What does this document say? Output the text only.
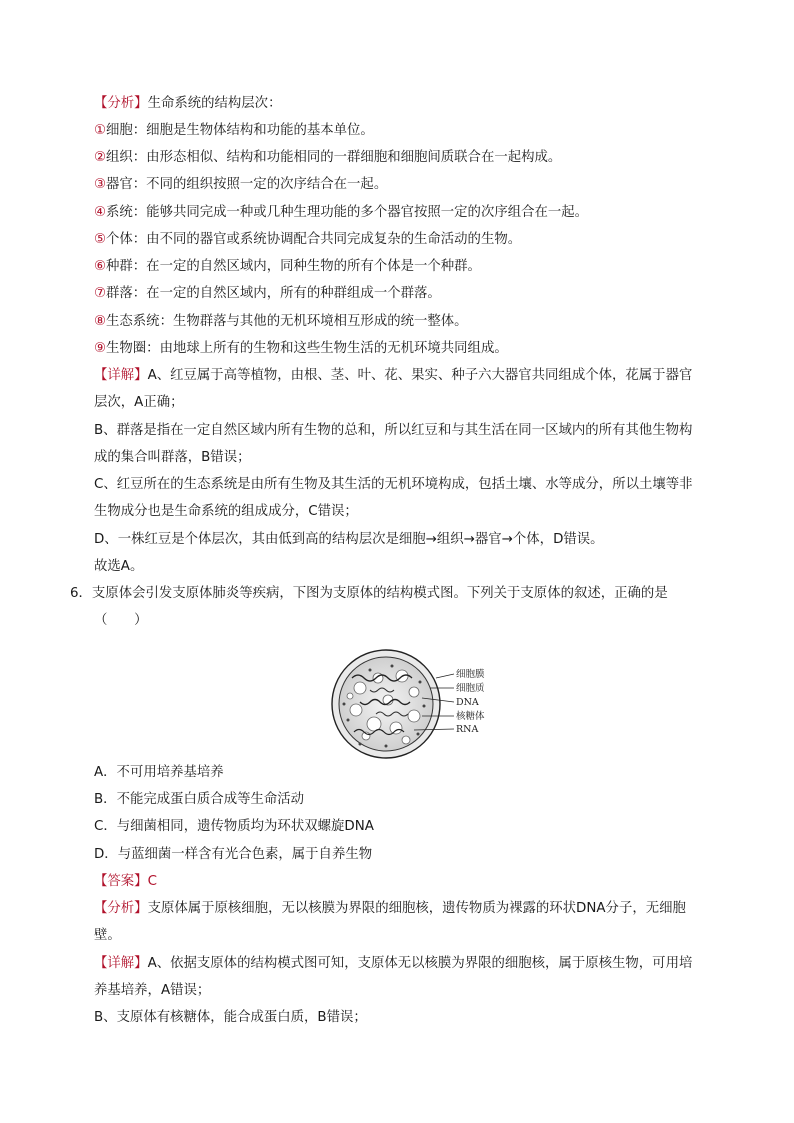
【分析】生命系统的结构层次：
①细胞：细胞是生物体结构和功能的基本单位。
②组织：由形态相似、结构和功能相同的一群细胞和细胞间质联合在一起构成。
③器官：不同的组织按照一定的次序结合在一起。
④系统：能够共同完成一种或几种生理功能的多个器官按照一定的次序组合在一起。
⑤个体：由不同的器官或系统协调配合共同完成复杂的生命活动的生物。
⑥种群：在一定的自然区域内，同种生物的所有个体是一个种群。
⑦群落：在一定的自然区域内，所有的种群组成一个群落。
⑧生态系统：生物群落与其他的无机环境相互形成的统一整体。
⑨生物圈：由地球上所有的生物和这些生物生活的无机环境共同组成。
【详解】A、红豆属于高等植物，由根、茎、叶、花、果实、种子六大器官共同组成个体，花属于器官
层次，A正确；
B、群落是指在一定自然区域内所有生物的总和，所以红豆和与其生活在同一区域内的所有其他生物构
成的集合叫群落，B错误；
C、红豆所在的生态系统是由所有生物及其生活的无机环境构成，包括土壤、水等成分，所以土壤等非
生物成分也是生命系统的组成成分，C错误；
D、一株红豆是个体层次，其由低到高的结构层次是细胞→组织→器官→个体，D错误。
故选A。
6．支原体会引发支原体肺炎等疾病，下图为支原体的结构模式图。下列关于支原体的叙述，正确的是
（　　）
细胞膜
细胞质
DNA
核糖体
RNA
A．不可用培养基培养
B．不能完成蛋白质合成等生命活动
C．与细菌相同，遗传物质均为环状双螺旋DNA
D．与蓝细菌一样含有光合色素，属于自养生物
【答案】C
【分析】支原体属于原核细胞，无以核膜为界限的细胞核，遗传物质为裸露的环状DNA分子，无细胞
壁。
【详解】A、依据支原体的结构模式图可知，支原体无以核膜为界限的细胞核，属于原核生物，可用培
养基培养，A错误；
B、支原体有核糖体，能合成蛋白质，B错误；
